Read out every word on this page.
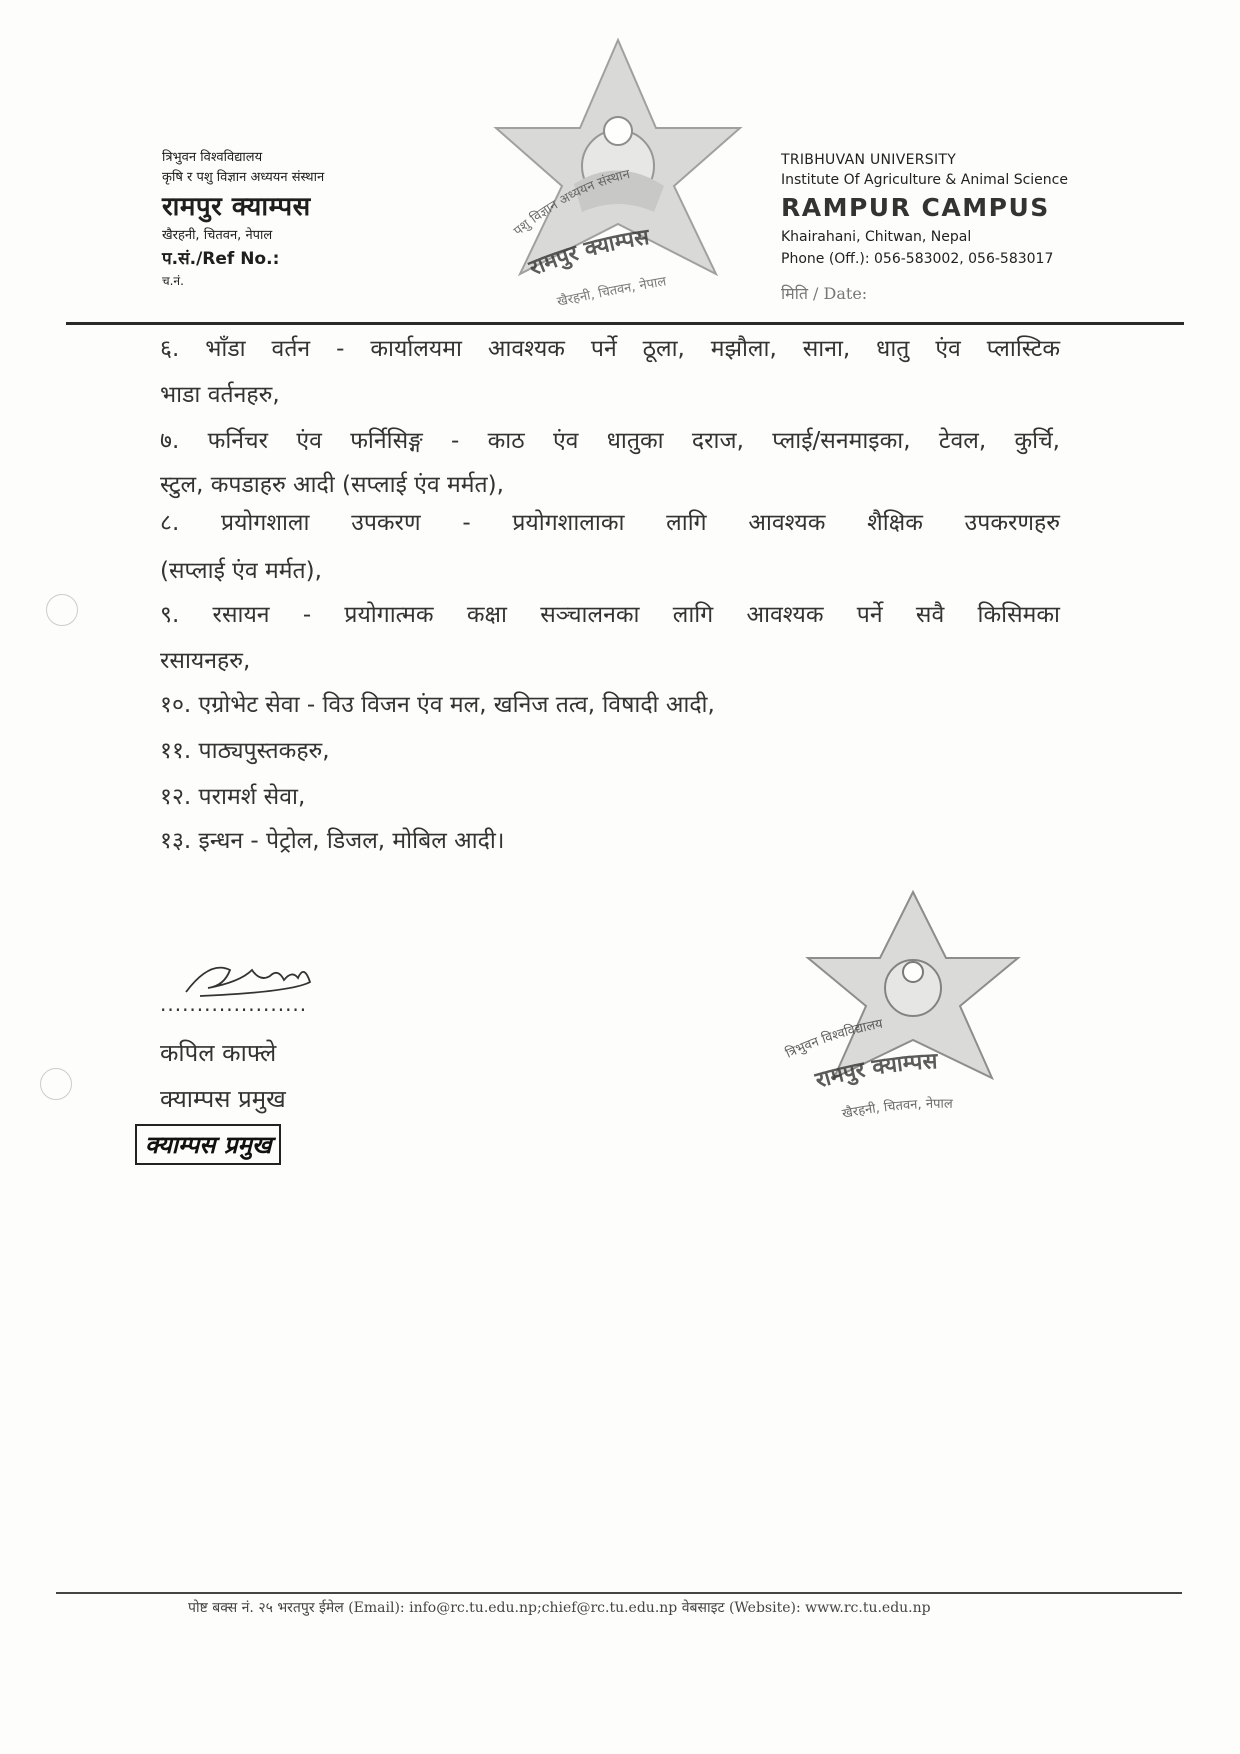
त्रिभुवन विश्वविद्यालय
कृषि र पशु विज्ञान अध्ययन संस्थान
रामपुर क्याम्पस
खैरहनी, चितवन, नेपाल
प.सं./Ref No.:
च.नं.
पशु विज्ञान अध्ययन संस्थान
रामपुर क्याम्पस
खैरहनी, चितवन, नेपाल
TRIBHUVAN UNIVERSITY
Institute Of Agriculture & Animal Science
RAMPUR CAMPUS
Khairahani, Chitwan, Nepal
Phone (Off.): 056-583002, 056-583017
मिति / Date:
६. भाँडा वर्तन - कार्यालयमा आवश्यक पर्ने ठूला, मझौला, साना, धातु एंव प्लास्टिक
भाडा वर्तनहरु,
७. फर्निचर एंव फर्निसिङ्ग - काठ एंव धातुका दराज, प्लाई/सनमाइका, टेवल, कुर्चि,
स्टुल, कपडाहरु आदी (सप्लाई एंव मर्मत),
८. प्रयोगशाला उपकरण - प्रयोगशालाका लागि आवश्यक शैक्षिक उपकरणहरु
(सप्लाई एंव मर्मत),
९. रसायन - प्रयोगात्मक कक्षा सञ्चालनका लागि आवश्यक पर्ने सवै किसिमका
रसायनहरु,
१०. एग्रोभेट सेवा - विउ विजन एंव मल, खनिज तत्व, विषादी आदी,
११. पाठ्यपुस्तकहरु,
१२. परामर्श सेवा,
१३. इन्धन - पेट्रोल, डिजल, मोबिल आदी।
....................
कपिल काफ्ले
क्याम्पस प्रमुख
क्याम्पस प्रमुख
त्रिभुवन विश्वविद्यालय
रामपुर क्याम्पस
खैरहनी, चितवन, नेपाल
पोष्ट बक्स नं. २५ भरतपुर ईमेल (Email): info@rc.tu.edu.np;chief@rc.tu.edu.np वेबसाइट (Website): www.rc.tu.edu.np
